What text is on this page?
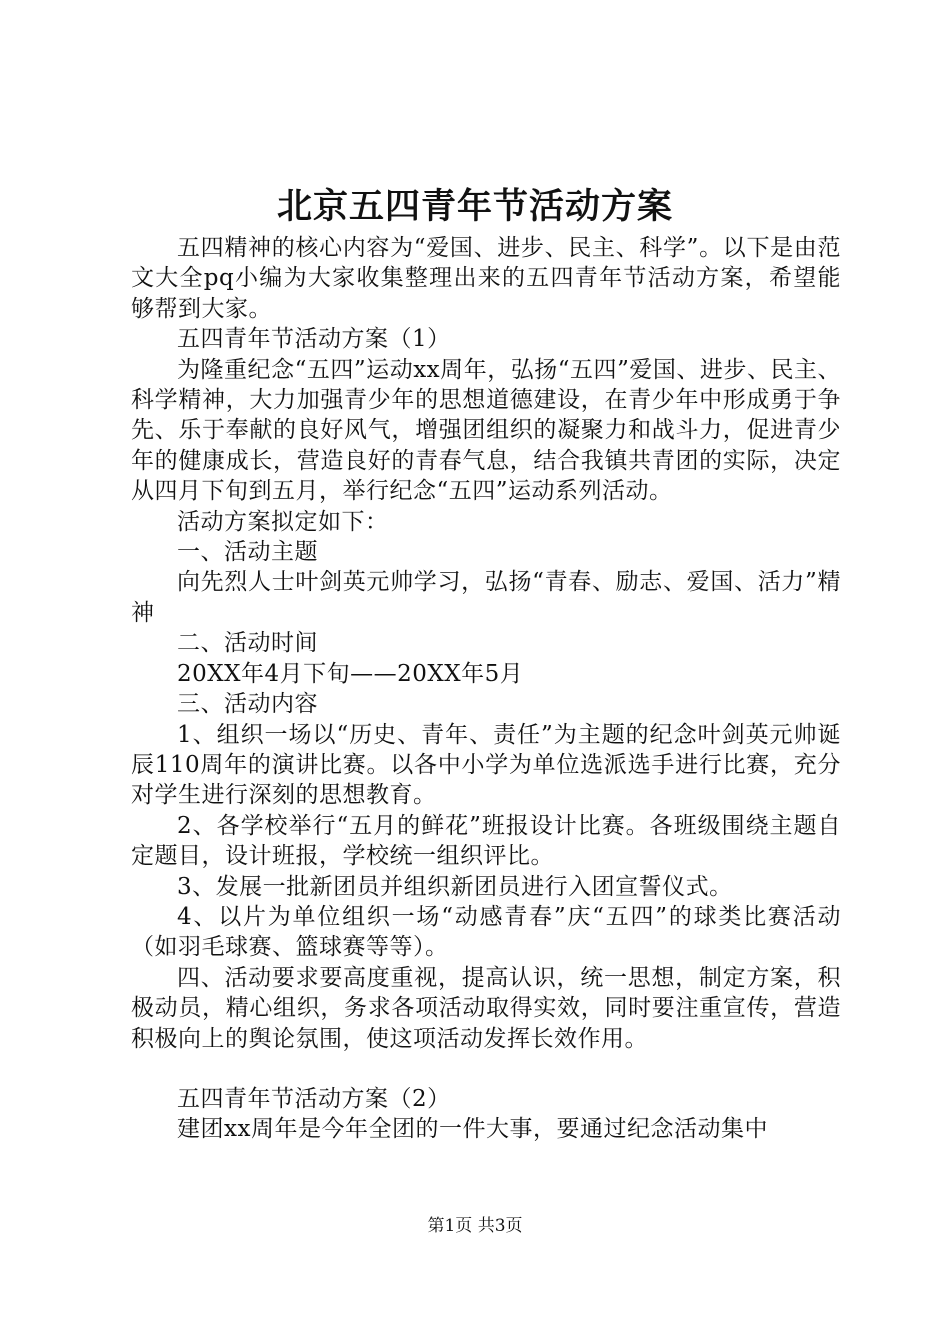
北京五四青年节活动方案

五四精神的核心内容为“爱国、进步、民主、科学”。以下是由范文大全pq小编为大家收集整理出来的五四青年节活动方案，希望能够帮到大家。

五四青年节活动方案（1）

为隆重纪念“五四”运动xx周年，弘扬“五四”爱国、进步、民主、科学精神，大力加强青少年的思想道德建设，在青少年中形成勇于争先、乐于奉献的良好风气，增强团组织的凝聚力和战斗力，促进青少年的健康成长，营造良好的青春气息，结合我镇共青团的实际，决定从四月下旬到五月，举行纪念“五四”运动系列活动。

活动方案拟定如下：

一、活动主题

向先烈人士叶剑英元帅学习，弘扬“青春、励志、爱国、活力”精神

二、活动时间

20XX年4月下旬——20XX年5月

三、活动内容

1、组织一场以“历史、青年、责任”为主题的纪念叶剑英元帅诞辰110周年的演讲比赛。以各中小学为单位选派选手进行比赛，充分对学生进行深刻的思想教育。

2、各学校举行“五月的鲜花”班报设计比赛。各班级围绕主题自定题目，设计班报，学校统一组织评比。

3、发展一批新团员并组织新团员进行入团宣誓仪式。

4、以片为单位组织一场“动感青春”庆“五四”的球类比赛活动（如羽毛球赛、篮球赛等等）。

四、活动要求要高度重视，提高认识，统一思想，制定方案，积极动员，精心组织，务求各项活动取得实效，同时要注重宣传，营造积极向上的舆论氛围，使这项活动发挥长效作用。

五四青年节活动方案（2）

建团xx周年是今年全团的一件大事，要通过纪念活动集中

第1页 共3页
